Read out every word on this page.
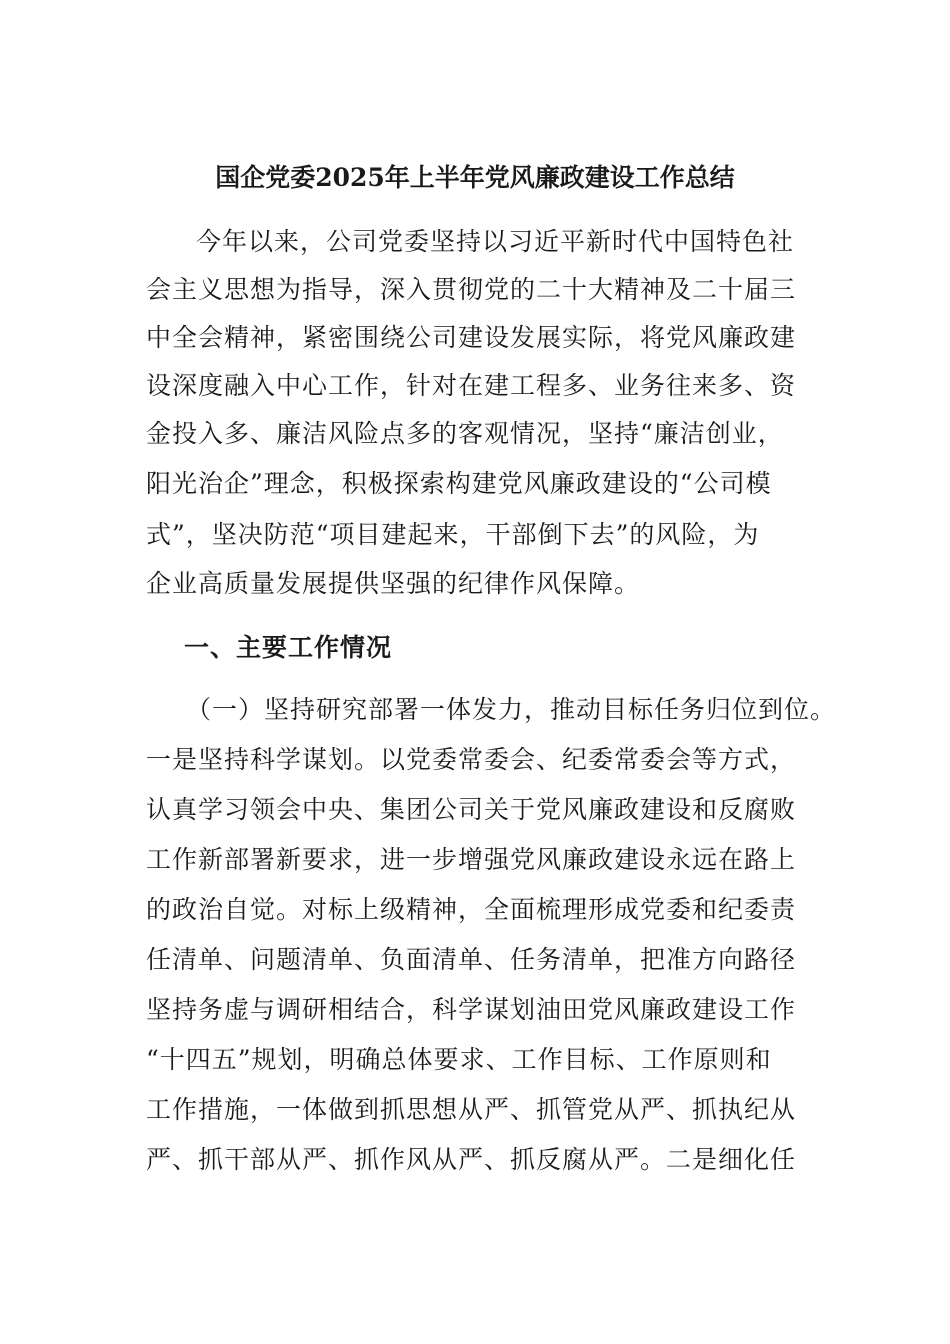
国企党委2025年上半年党风廉政建设工作总结
今年以来，公司党委坚持以习近平新时代中国特色社
会主义思想为指导，深入贯彻党的二十大精神及二十届三
中全会精神，紧密围绕公司建设发展实际，将党风廉政建
设深度融入中心工作，针对在建工程多、业务往来多、资
金投入多、廉洁风险点多的客观情况，坚持“廉洁创业，
阳光治企”理念，积极探索构建党风廉政建设的“公司模
式”，坚决防范“项目建起来，干部倒下去”的风险，为
企业高质量发展提供坚强的纪律作风保障。
一、主要工作情况
（一）坚持研究部署一体发力，推动目标任务归位到位。
一是坚持科学谋划。以党委常委会、纪委常委会等方式，
认真学习领会中央、集团公司关于党风廉政建设和反腐败
工作新部署新要求，进一步增强党风廉政建设永远在路上
的政治自觉。对标上级精神，全面梳理形成党委和纪委责
任清单、问题清单、负面清单、任务清单，把准方向路径
坚持务虚与调研相结合，科学谋划油田党风廉政建设工作
“十四五”规划，明确总体要求、工作目标、工作原则和
工作措施，一体做到抓思想从严、抓管党从严、抓执纪从
严、抓干部从严、抓作风从严、抓反腐从严。二是细化任
